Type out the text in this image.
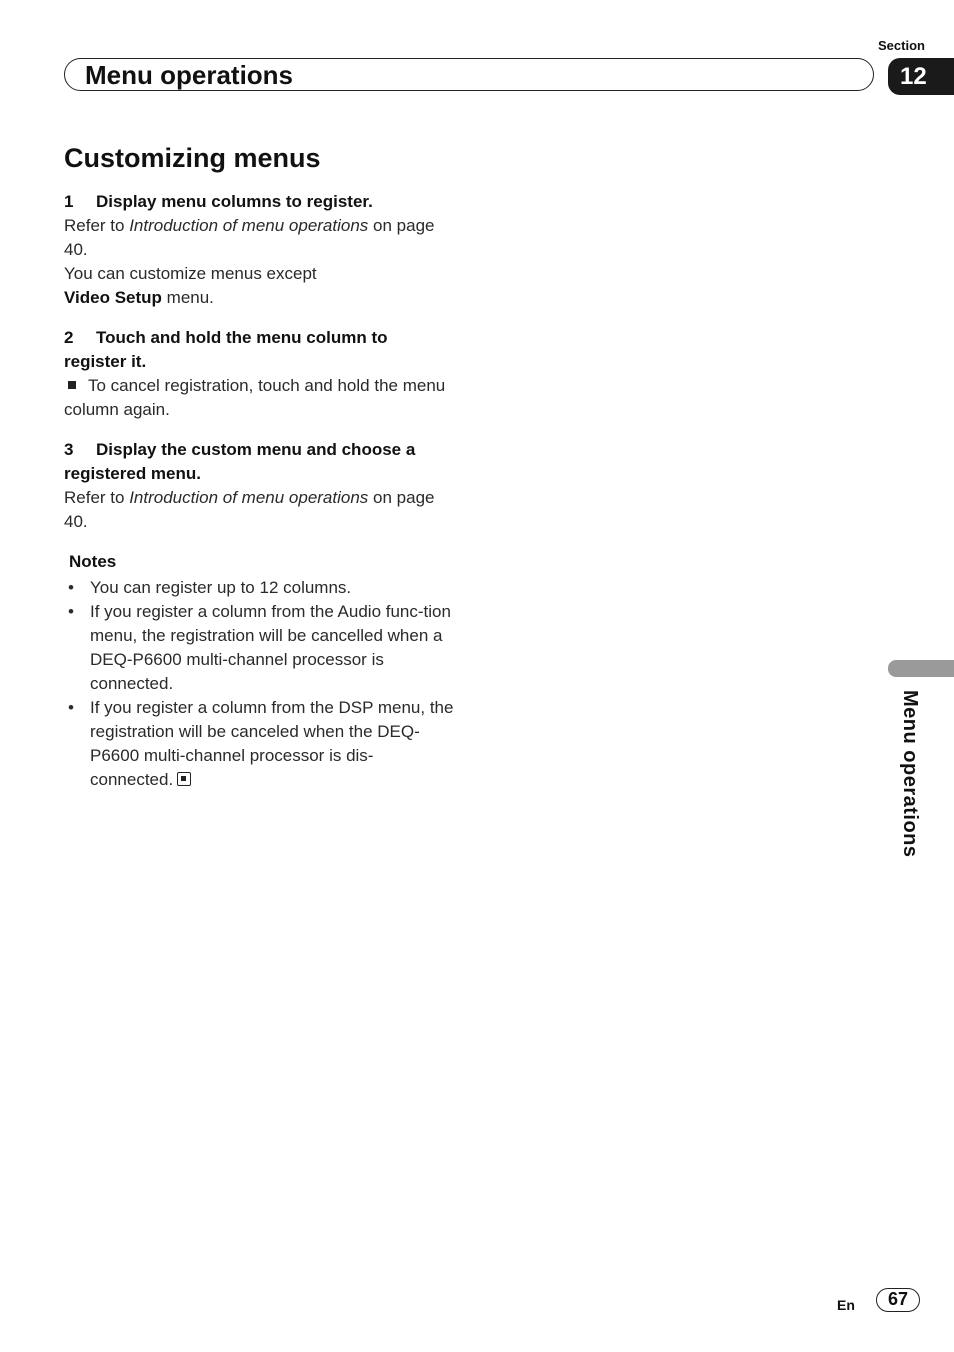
Section
Menu operations	12
Customizing menus

1 Display menu columns to register.

Refer to Introduction of menu operations on page 40.

You can customize menus except
Video Setup menu.

2 Touch and hold the menu column to register it.

To cancel registration, touch and hold the menu column again.

3 Display the custom menu and choose a registered menu.

Refer to Introduction of menu operations on page 40.

Notes

• You can register up to 12 columns.
• If you register a column from the Audio func-tion menu, the registration will be cancelled when a DEQ-P6600 multi-channel processor is connected.
• If you register a column from the DSP menu, the registration will be canceled when the DEQ-P6600 multi-channel processor is dis-connected.	Menu operations
En	67
